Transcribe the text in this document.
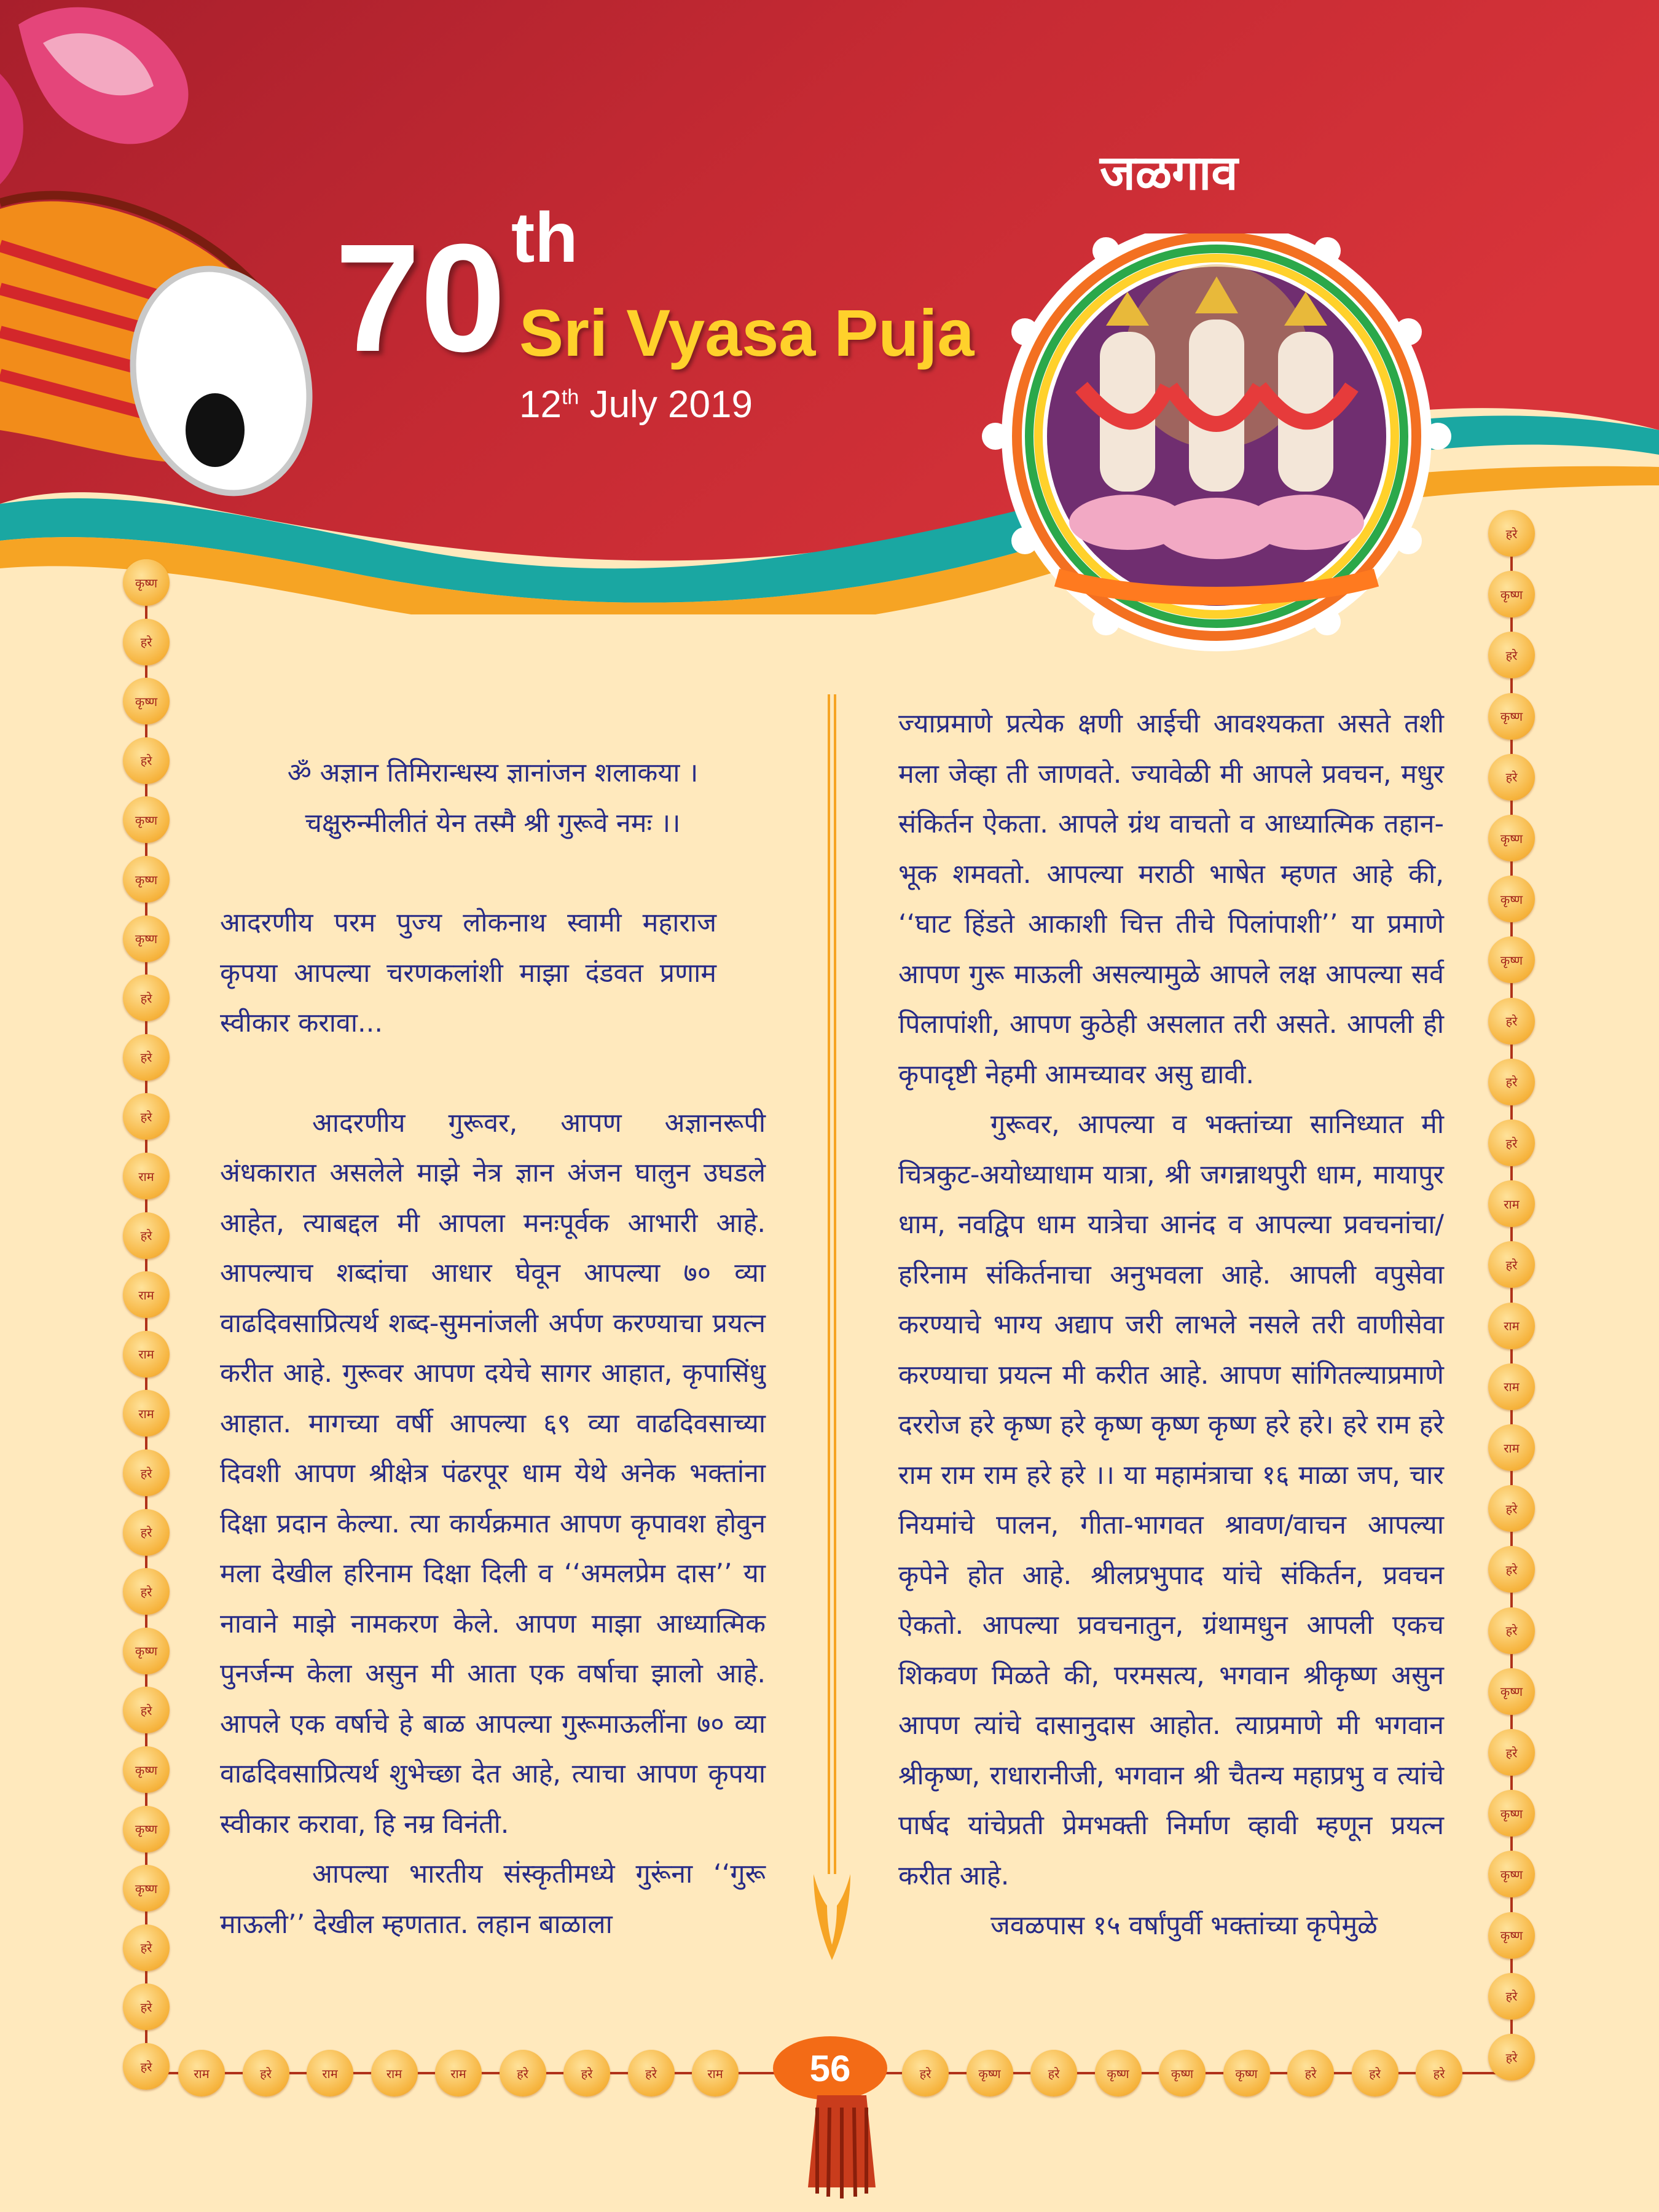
70 th
Sri Vyasa Puja
12th July 2019
जळगाव
कृष्ण
हरे
कृष्ण
हरे
कृष्ण
कृष्ण
कृष्ण
हरे
हरे
हरे
राम
हरे
राम
राम
राम
हरे
हरे
हरे
कृष्ण
हरे
कृष्ण
कृष्ण
कृष्ण
हरे
हरे
हरे
हरे
कृष्ण
हरे
कृष्ण
हरे
कृष्ण
कृष्ण
कृष्ण
हरे
हरे
हरे
राम
हरे
राम
राम
राम
हरे
हरे
हरे
कृष्ण
हरे
कृष्ण
कृष्ण
कृष्ण
हरे
हरे
राम	हरे	राम	राम	राम	हरे	हरे	हरे	राम	हरे	कृष्ण	हरे	कृष्ण	कृष्ण	कृष्ण	हरे	हरे	हरे
56

ॐ अज्ञान तिमिरान्धस्य ज्ञानांजन शलाकया ।

चक्षुरुन्मीलीतं येन तस्मै श्री गुरूवे नमः ।।

आदरणीय परम पुज्य लोकनाथ स्वामी महाराज कृपया आपल्या चरणकलांशी माझा दंडवत प्रणाम स्वीकार करावा...

आदरणीय गुरूवर, आपण अज्ञानरूपी अंधकारात असलेले माझे नेत्र ज्ञान अंजन घालुन उघडले आहेत, त्याबद्दल मी आपला मनःपूर्वक आभारी आहे. आपल्याच शब्दांचा आधार घेवून आपल्या ७० व्या वाढदिवसाप्रित्यर्थ शब्द-सुमनांजली अर्पण करण्याचा प्रयत्न करीत आहे. गुरूवर आपण दयेचे सागर आहात, कृपासिंधु आहात. मागच्या वर्षी आपल्या ६९ व्या वाढदिवसाच्या दिवशी आपण श्रीक्षेत्र पंढरपूर धाम येथे अनेक भक्तांना दिक्षा प्रदान केल्या. त्या कार्यक्रमात आपण कृपावश होवुन मला देखील हरिनाम दिक्षा दिली व ‘‘अमलप्रेम दास’’ या नावाने माझे नामकरण केले. आपण माझा आध्यात्मिक पुनर्जन्म केला असुन मी आता एक वर्षाचा झालो आहे. आपले एक वर्षाचे हे बाळ आपल्या गुरूमाऊलींना ७० व्या वाढदिवसाप्रित्यर्थ शुभेच्छा देत आहे, त्याचा आपण कृपया स्वीकार करावा, हि नम्र विनंती.

आपल्या भारतीय संस्कृतीमध्ये गुरूंना ‘‘गुरू माऊली’’ देखील म्हणतात. लहान बाळाला

ज्याप्रमाणे प्रत्येक क्षणी आईची आवश्यकता असते तशी मला जेव्हा ती जाणवते. ज्यावेळी मी आपले प्रवचन, मधुर संकिर्तन ऐकता. आपले ग्रंथ वाचतो व आध्यात्मिक तहान-भूक शमवतो. आपल्या मराठी भाषेत म्हणत आहे की, ‘‘घाट हिंडते आकाशी चित्त तीचे पिलांपाशी’’ या प्रमाणे आपण गुरू माऊली असल्यामुळे आपले लक्ष आपल्या सर्व पिलापांशी, आपण कुठेही असलात तरी असते. आपली ही कृपादृष्टी नेहमी आमच्यावर असु द्यावी.

गुरूवर, आपल्या व भक्तांच्या सानिध्यात मी चित्रकुट-अयोध्याधाम यात्रा, श्री जगन्नाथपुरी धाम, मायापुर धाम, नवद्विप धाम यात्रेचा आनंद व आपल्या प्रवचनांचा/हरिनाम संकिर्तनाचा अनुभवला आहे. आपली वपुसेवा करण्याचे भाग्य अद्याप जरी लाभले नसले तरी वाणीसेवा करण्याचा प्रयत्न मी करीत आहे. आपण सांगितल्याप्रमाणे दररोज हरे कृष्ण हरे कृष्ण कृष्ण कृष्ण हरे हरे। हरे राम हरे राम राम राम हरे हरे ।। या महामंत्राचा १६ माळा जप, चार नियमांचे पालन, गीता-भागवत श्रावण/वाचन आपल्या कृपेने होत आहे. श्रीलप्रभुपाद यांचे संकिर्तन, प्रवचन ऐकतो. आपल्या प्रवचनातुन, ग्रंथामधुन आपली एकच शिकवण मिळते की, परमसत्य, भगवान श्रीकृष्ण असुन आपण त्यांचे दासानुदास आहोत. त्याप्रमाणे मी भगवान श्रीकृष्ण, राधारानीजी, भगवान श्री चैतन्य महाप्रभु व त्यांचे पार्षद यांचेप्रती प्रेमभक्ती निर्माण व्हावी म्हणून प्रयत्न करीत आहे.

जवळपास १५ वर्षांपुर्वी भक्तांच्या कृपेमुळे
